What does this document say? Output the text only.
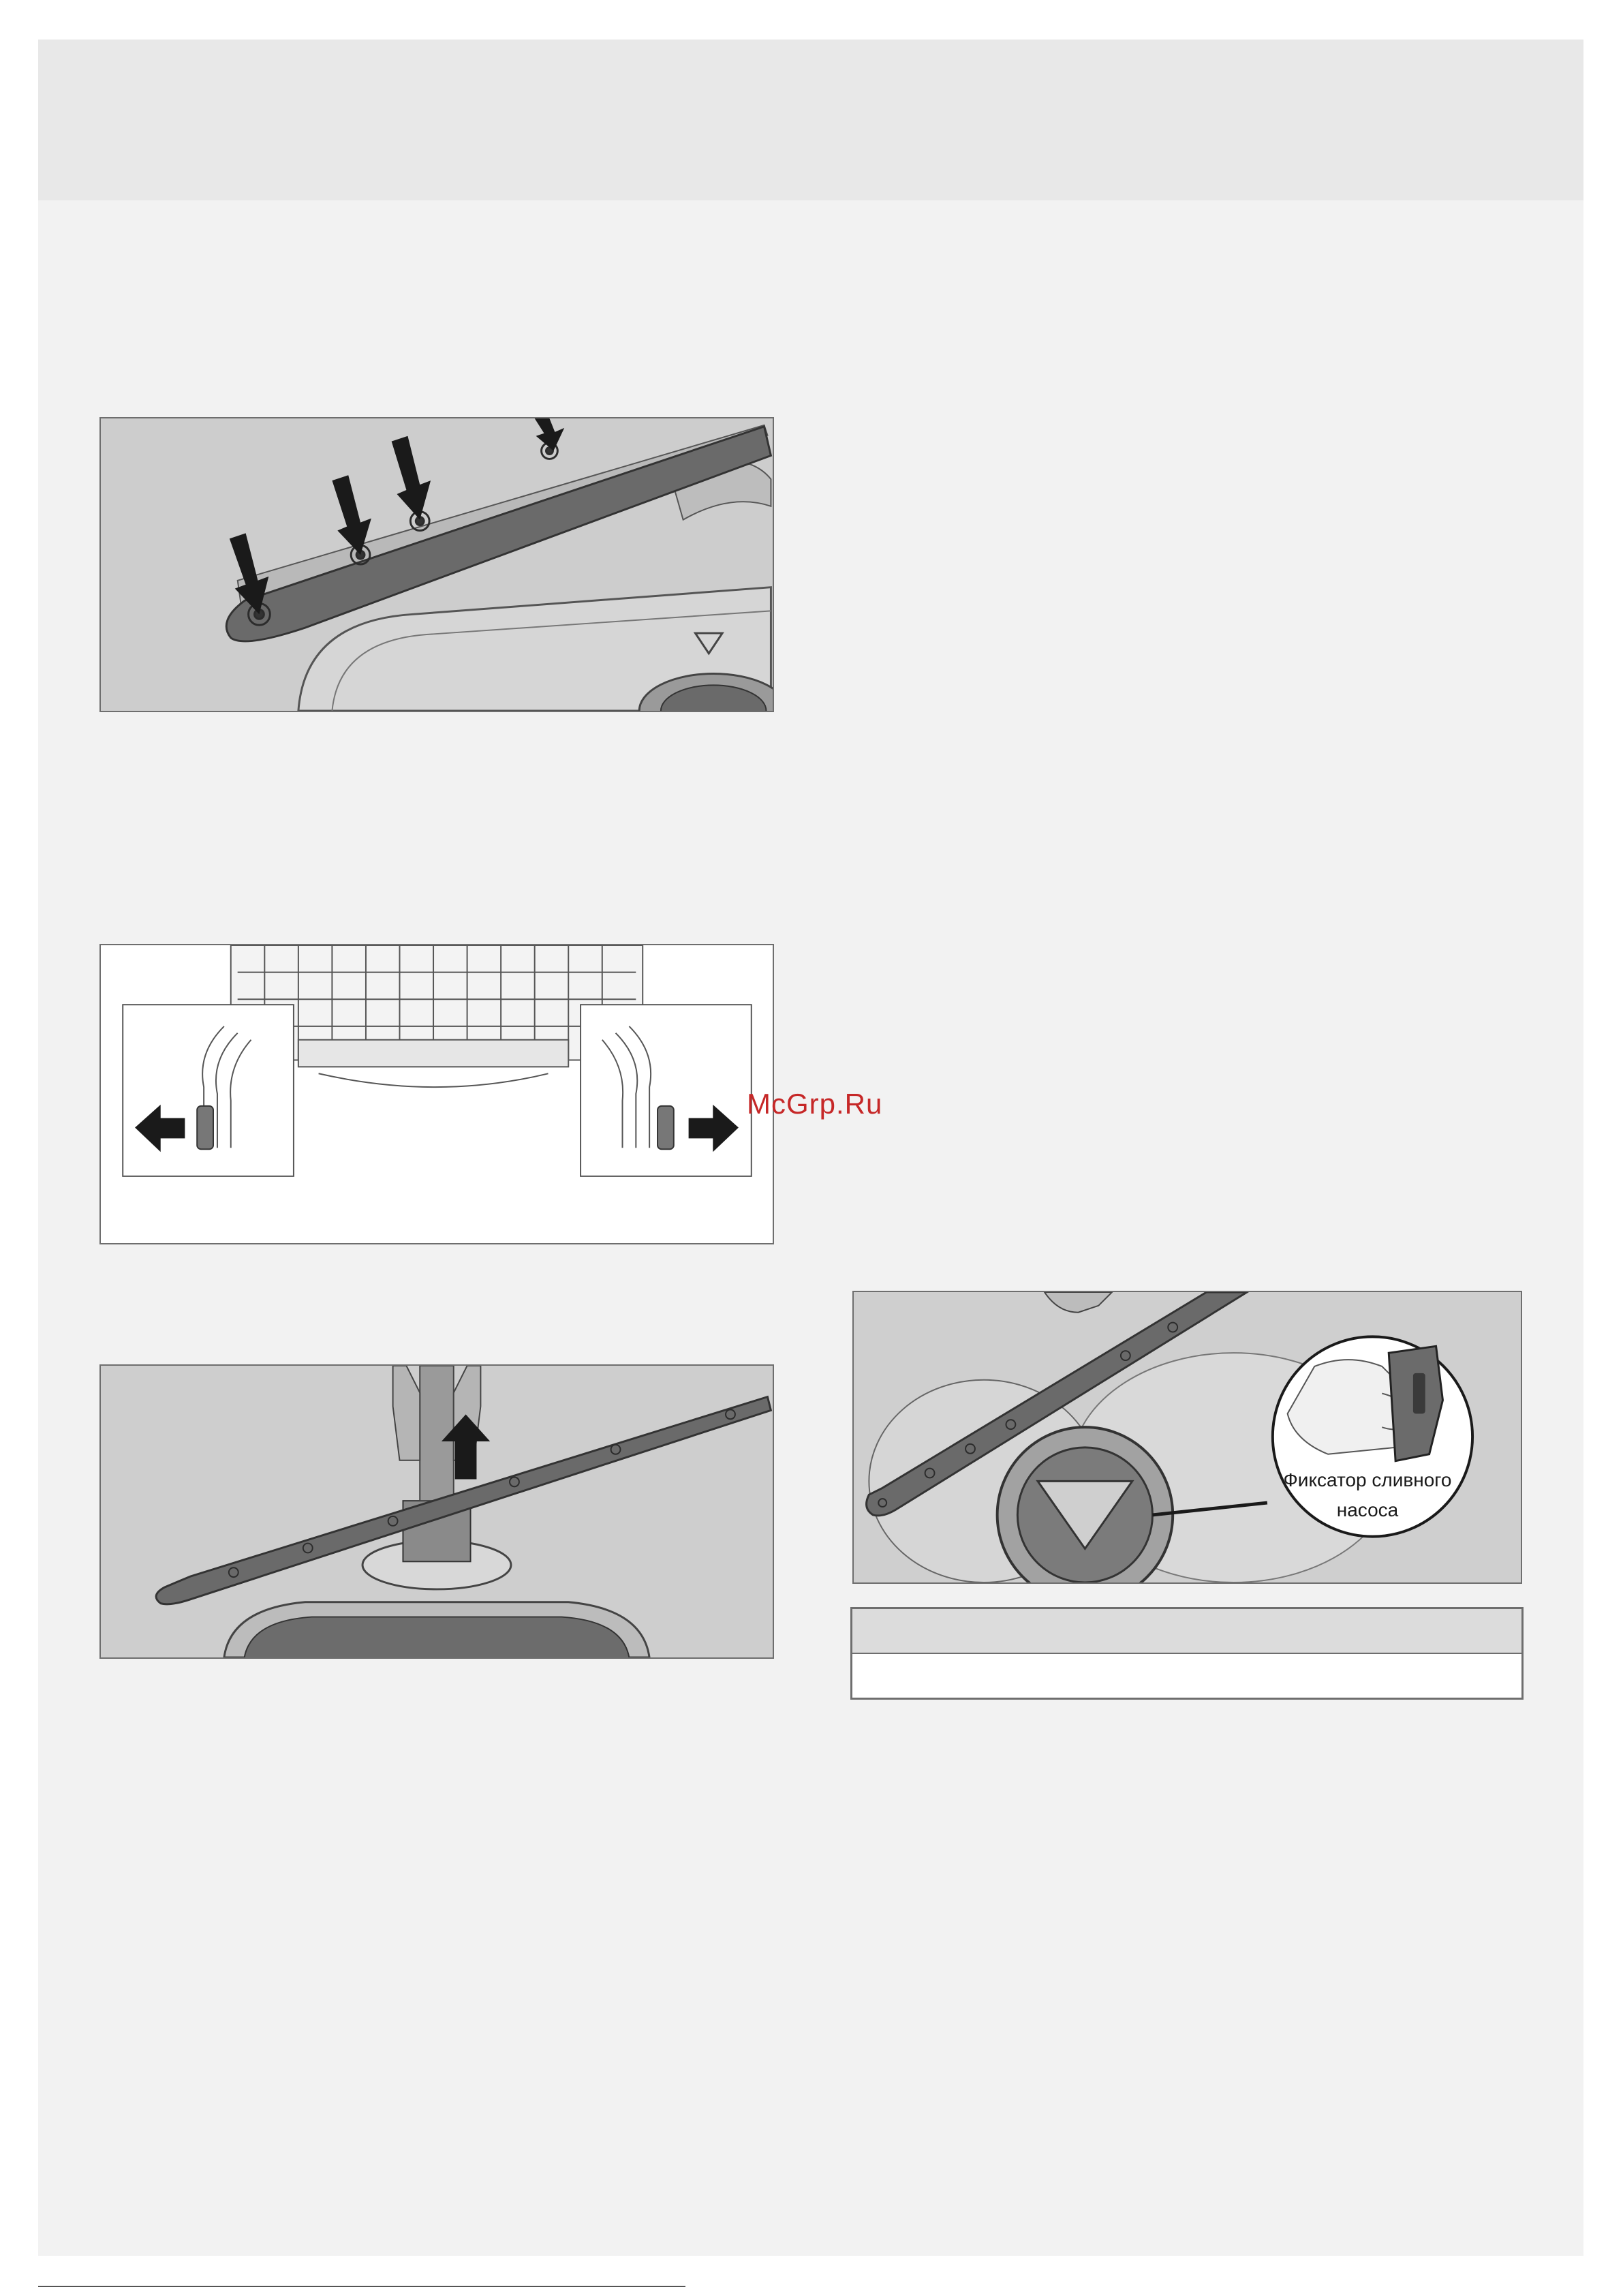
Фиксатор сливного
насоса
McGrp.Ru
